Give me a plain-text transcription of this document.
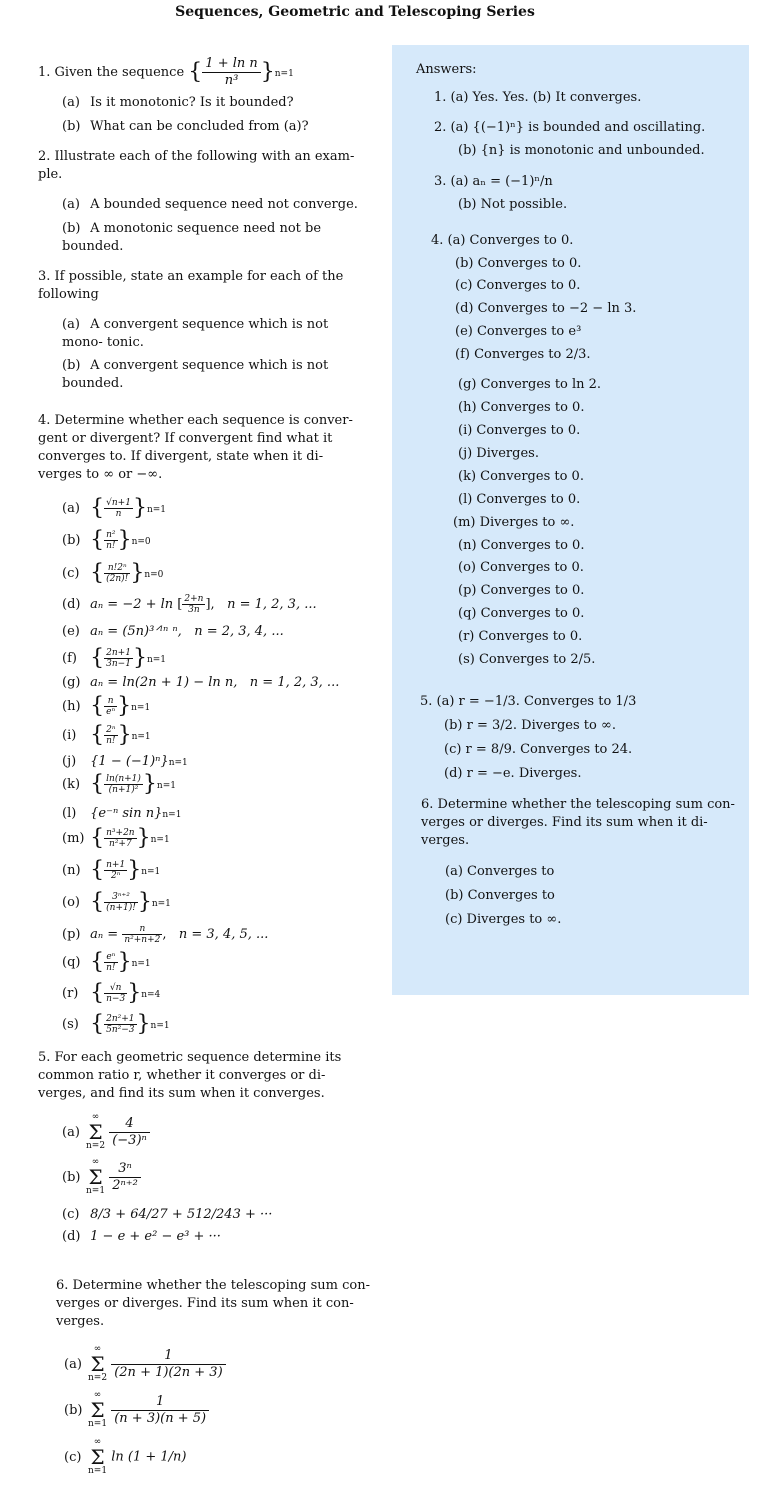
Sequences, Geometric and Telescoping Series
1. Given the sequence { $\frac{\text{1 + ln n}}{\text{n³}} \}n=1$
(a) Is it monotonic? Is it bounded?
(b) What can be concluded from (a)?
2. Illustrate each of the following with an exam- ple.
(a) A bounded sequence need not converge.
(b) A monotonic sequence need not be bounded.
3. If possible, state an example for each of the following
(a) A convergent sequence which is not mono- tonic.
(b) A convergent sequence which is not bounded.
4. Determine whether each sequence is conver- gent or divergent? If convergent find what it converges to. If divergent, state when it di- verges to ∞ or −∞.
(a) { $\frac{√n+1}{n} \}n=1$
(b) { $\frac{\text{n²}}{n!} \}n=0$
(c) { $\frac{\text{n!2ⁿ}}{(2n)!} \}n=0$
(d) aₙ = −2 + ln [ $\frac{2+n}{3n}$ ],   n = 1, 2, 3, ...
(e) aₙ = (5n)³ᐟˡⁿ ⁿ, n = 2, 3, 4, ...
(f) { $\frac{2n+1}{3n-1} \}n=1$
(g) aₙ = ln(2n + 1) − ln n, n = 1, 2, 3, ...
(h) { $\frac{n}{\text{eⁿ}} \}n=1$
(i) { $\frac{\text{2ⁿ}}{n!} \}n=1$
(j) {1 − (−1)ⁿ}n=1
(k) { $\frac{\ln(n+1)}{\text{(n+1)²}} \}n=1$
(l) {e⁻ⁿ sin n}n=1
(m) { $\frac{\text{n³+2n}}{\text{n²+7}} \}n=1$
(n) { $\frac{n+1}{\text{2ⁿ}} \}n=1$
(o) { $\frac{\text{3ⁿ⁺²}}{(n+1)!} \}n=1$
(p) $a_n = \frac{n}{\text{n²+n+2}}$ ,   n = 3, 4, 5, ...
(q) { $\frac{\text{eⁿ}}{n!} \}n=1$
(r) { $\frac{√n}{n-3} \}n=4$
(s) { $\frac{\text{2n²+1}}{\text{5n²−3}} \}n=1$
5. For each geometric sequence determine its common ratio r, whether it converges or di- verges, and find its sum when it converges.
(a)∞
Σ
$n=2 \frac{4}{\text{(−3)ⁿ}}$
(b)∞
Σ
$n=1 \frac{\text{3ⁿ}}{\text{2ⁿ⁺²}}$
(c) 8/3 + 64/27 + 512/243 + ···
(d) 1 − e + e² − e³ + ···
6. Determine whether the telescoping sum con- verges or diverges. Find its sum when it con- verges.
(a)∞
Σ
$n=2 \frac{1}{(2n + 1)(2n + 3)}$
(b)∞
Σ
$n=1 \frac{1}{(n + 3)(n + 5)}$
(c)∞
Σ
n=1 ln (1 + 1/n)
Answers:
1. (a) Yes. Yes. (b) It converges.
2. (a) {(−1)ⁿ} is bounded and oscillating.
(b) {n} is monotonic and unbounded.
3. (a) aₙ = (−1)ⁿ/n
(b) Not possible.
4. (a) Converges to 0.
(b) Converges to 0.
(c) Converges to 0.
(d) Converges to −2 − ln 3.
(e) Converges to e³
(f) Converges to 2/3.
(g) Converges to ln 2.
(h) Converges to 0.
(i) Converges to 0.
(j) Diverges.
(k) Converges to 0.
(l) Converges to 0.
(m) Diverges to ∞.
(n) Converges to 0.
(o) Converges to 0.
(p) Converges to 0.
(q) Converges to 0.
(r) Converges to 0.
(s) Converges to 2/5.
5. (a) r = −1/3. Converges to 1/3
(b) r = 3/2. Diverges to ∞.
(c) r = 8/9. Converges to 24.
(d) r = −e. Diverges.
6. Determine whether the telescoping sum con- verges or diverges. Find its sum when it di- verges.
(a) Converges to
(b) Converges to
(c) Diverges to ∞.
